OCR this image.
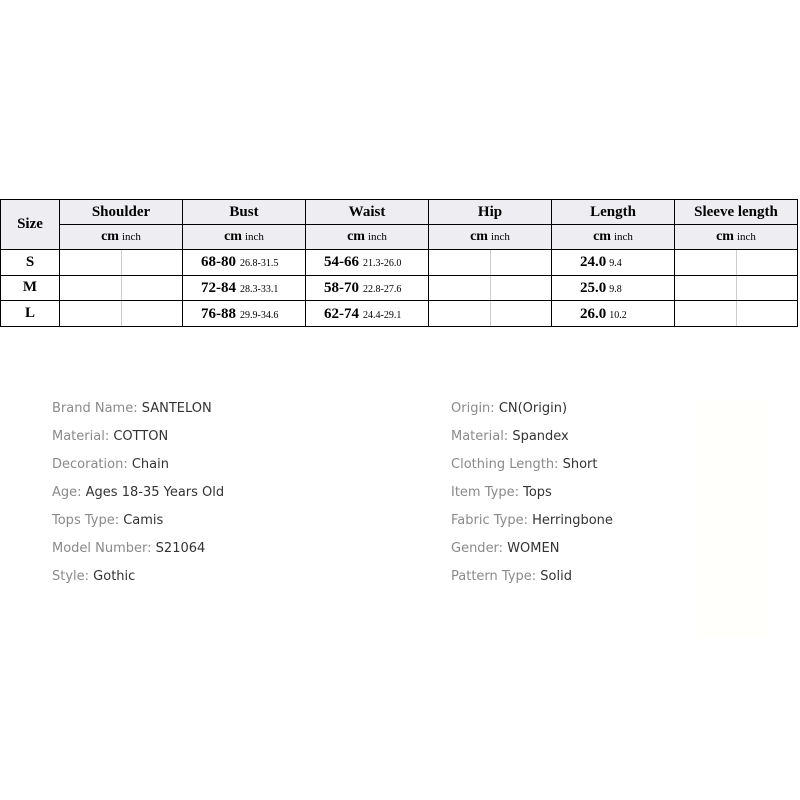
Size	Shoulder	Bust	Waist	Hip	Length	Sleeve length
	cm inch	cm inch	cm inch	cm inch	cm inch	cm inch
S		68-80 26.8-31.5	54-66 21.3-26.0		24.0 9.4	

M		72-84 28.3-33.1	58-70 22.8-27.6		25.0 9.8	

L		76-88 29.9-34.6	62-74 24.4-29.1		26.0 10.2	
Brand Name: SANTELON
Material: COTTON
Decoration: Chain
Age: Ages 18-35 Years Old
Tops Type: Camis
Model Number: S21064
Style: Gothic
Origin: CN(Origin)
Material: Spandex
Clothing Length: Short
Item Type: Tops
Fabric Type: Herringbone
Gender: WOMEN
Pattern Type: Solid
